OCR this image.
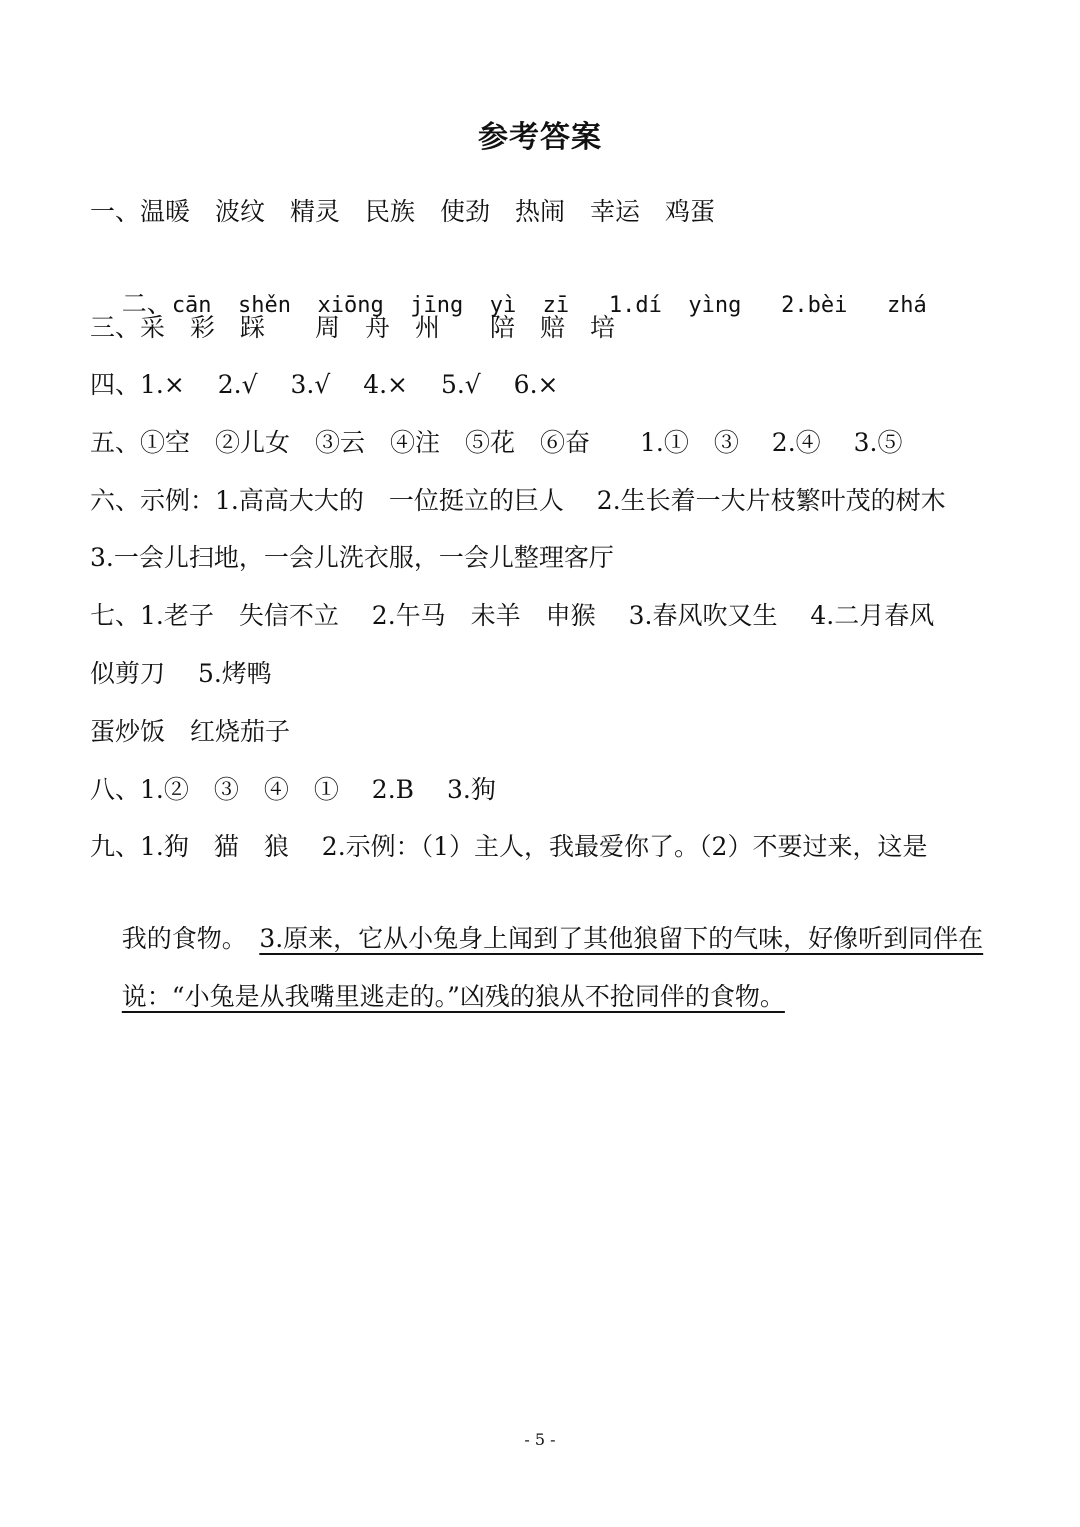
参考答案
一、温暖　波纹　精灵　民族　使劲　热闹　幸运　鸡蛋

二、cān  shěn  xiōng  jīng  yì  zī   1.dí  yìng   2.bèi   zhá

三、采　彩　踩　　周　舟　州　　陪　赔　培
四、1.×　 2.√　 3.√　 4.×　 5.√　 6.×
五、①空　②儿女　③云　④注　⑤花　⑥奋　　1.①　③　 2.④　 3.⑤
六、示例：1.高高大大的　一位挺立的巨人　 2.生长着一大片枝繁叶茂的树木
3.一会儿扫地，一会儿洗衣服，一会儿整理客厅
七、1.老子　失信不立　 2.午马　未羊　申猴　 3.春风吹又生　 4.二月春风
似剪刀　 5.烤鸭
蛋炒饭　红烧茄子
八、1.②　③　④　①　 2.B　 3.狗
九、1.狗　猫　狼　 2.示例：（1）主人，我最爱你了。（2）不要过来，这是

我的食物。　3.原来，它从小兔身上闻到了其他狼留下的气味，好像听到同伴在

说：“小兔是从我嘴里逃走的。”凶残的狼从不抢同伴的食物。

- 5 -
